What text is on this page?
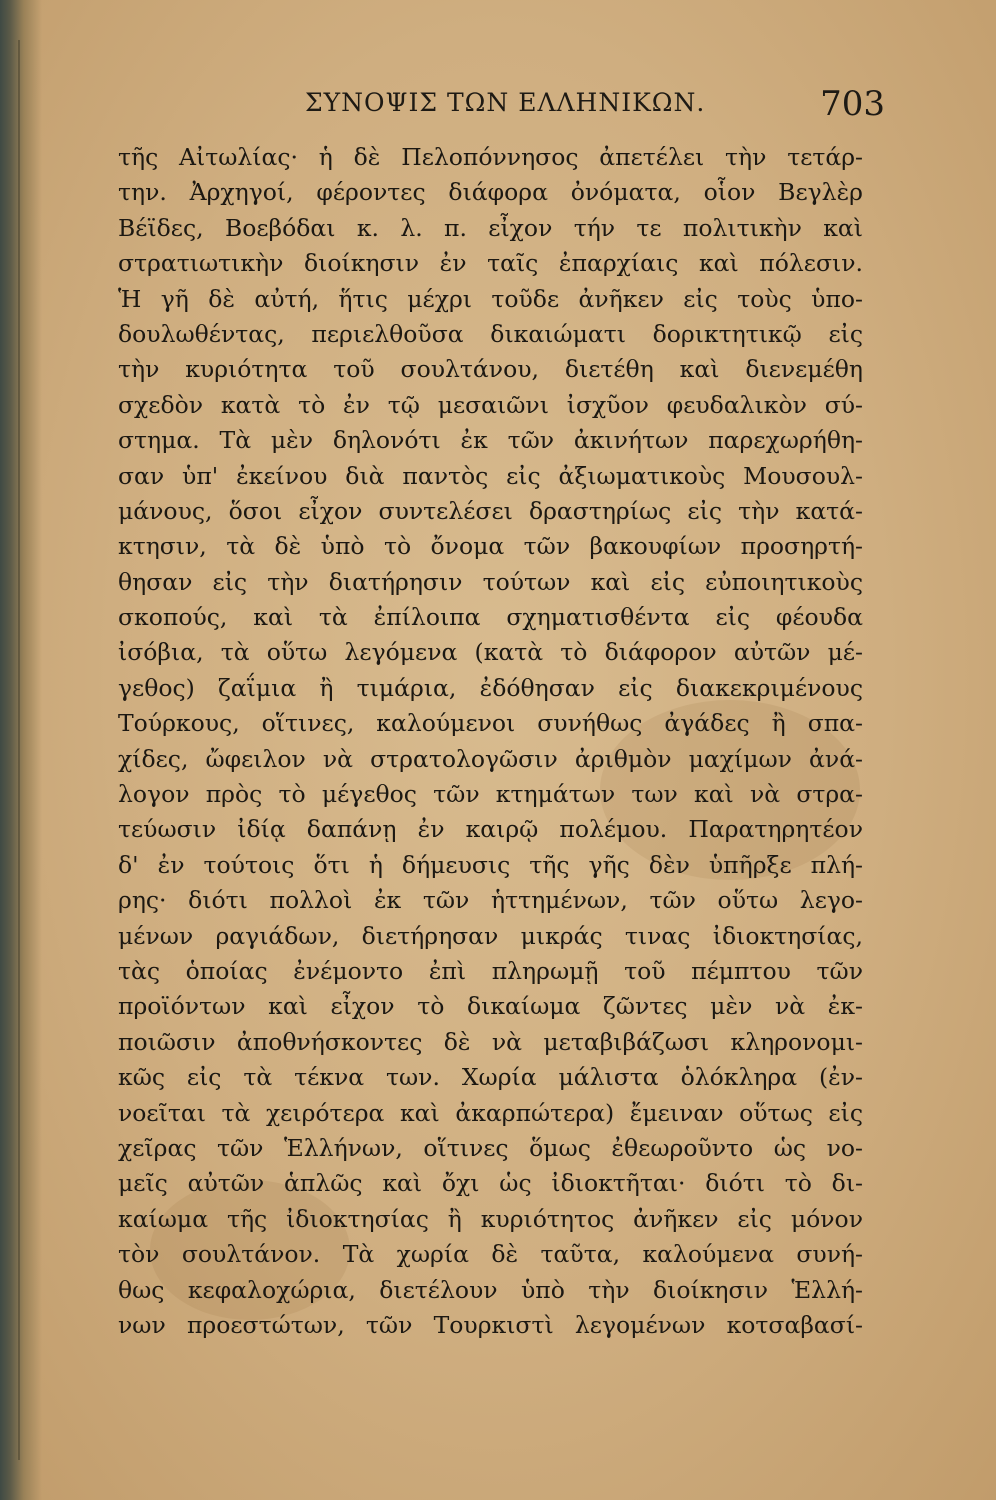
ΣΥΝΟΨΙΣ ΤΩΝ ΕΛΛΗΝΙΚΩΝ.	703
τῆς Αἰτωλίας· ἡ δὲ Πελοπόννησος ἀπετέλει τὴν τετάρ-
την. Ἀρχηγοί, φέροντες διάφορα ὀνόματα, οἷον Βεγλὲρ
Βέϊδες, Βοεβόδαι κ. λ. π. εἶχον τήν τε πολιτικὴν καὶ
στρατιωτικὴν διοίκησιν ἐν ταῖς ἐπαρχίαις καὶ πόλεσιν.
Ἡ γῆ δὲ αὐτή, ἥτις μέχρι τοῦδε ἀνῆκεν εἰς τοὺς ὑπο-
δουλωθέντας, περιελθοῦσα δικαιώματι δορικτητικῷ εἰς
τὴν κυριότητα τοῦ σουλτάνου, διετέθη καὶ διενεμέθη
σχεδὸν κατὰ τὸ ἐν τῷ μεσαιῶνι ἰσχῦον φευδαλικὸν σύ-
στημα. Τὰ μὲν δηλονότι ἐκ τῶν ἀκινήτων παρεχωρήθη-
σαν ὑπ' ἐκείνου διὰ παντὸς εἰς ἀξιωματικοὺς Μουσουλ-
μάνους, ὅσοι εἶχον συντελέσει δραστηρίως εἰς τὴν κατά-
κτησιν, τὰ δὲ ὑπὸ τὸ ὄνομα τῶν βακουφίων προσηρτή-
θησαν εἰς τὴν διατήρησιν τούτων καὶ εἰς εὐποιητικοὺς
σκοπούς, καὶ τὰ ἐπίλοιπα σχηματισθέντα εἰς φέουδα
ἰσόβια, τὰ οὕτω λεγόμενα (κατὰ τὸ διάφορον αὐτῶν μέ-
γεθος) ζαΐμια ἢ τιμάρια, ἐδόθησαν εἰς διακεκριμένους
Τούρκους, οἵτινες, καλούμενοι συνήθως ἀγάδες ἢ σπα-
χίδες, ὤφειλον νὰ στρατολογῶσιν ἀριθμὸν μαχίμων ἀνά-
λογον πρὸς τὸ μέγεθος τῶν κτημάτων των καὶ νὰ στρα-
τεύωσιν ἰδίᾳ δαπάνῃ ἐν καιρῷ πολέμου. Παρατηρητέον
δ' ἐν τούτοις ὅτι ἡ δήμευσις τῆς γῆς δὲν ὑπῆρξε πλή-
ρης· διότι πολλοὶ ἐκ τῶν ἡττημένων, τῶν οὕτω λεγο-
μένων ραγιάδων, διετήρησαν μικράς τινας ἰδιοκτησίας,
τὰς ὁποίας ἐνέμοντο ἐπὶ πληρωμῇ τοῦ πέμπτου τῶν
προϊόντων καὶ εἶχον τὸ δικαίωμα ζῶντες μὲν νὰ ἐκ-
ποιῶσιν ἀποθνήσκοντες δὲ νὰ μεταβιβάζωσι κληρονομι-
κῶς εἰς τὰ τέκνα των. Χωρία μάλιστα ὁλόκληρα (ἐν-
νοεῖται τὰ χειρότερα καὶ ἀκαρπώτερα) ἔμειναν οὕτως εἰς
χεῖρας τῶν Ἑλλήνων, οἵτινες ὅμως ἐθεωροῦντο ὡς νο-
μεῖς αὐτῶν ἁπλῶς καὶ ὄχι ὡς ἰδιοκτῆται· διότι τὸ δι-
καίωμα τῆς ἰδιοκτησίας ἢ κυριότητος ἀνῆκεν εἰς μόνον
τὸν σουλτάνον. Τὰ χωρία δὲ ταῦτα, καλούμενα συνή-
θως κεφαλοχώρια, διετέλουν ὑπὸ τὴν διοίκησιν Ἑλλή-
νων προεστώτων, τῶν Τουρκιστὶ λεγομένων κοτσαβασί-
